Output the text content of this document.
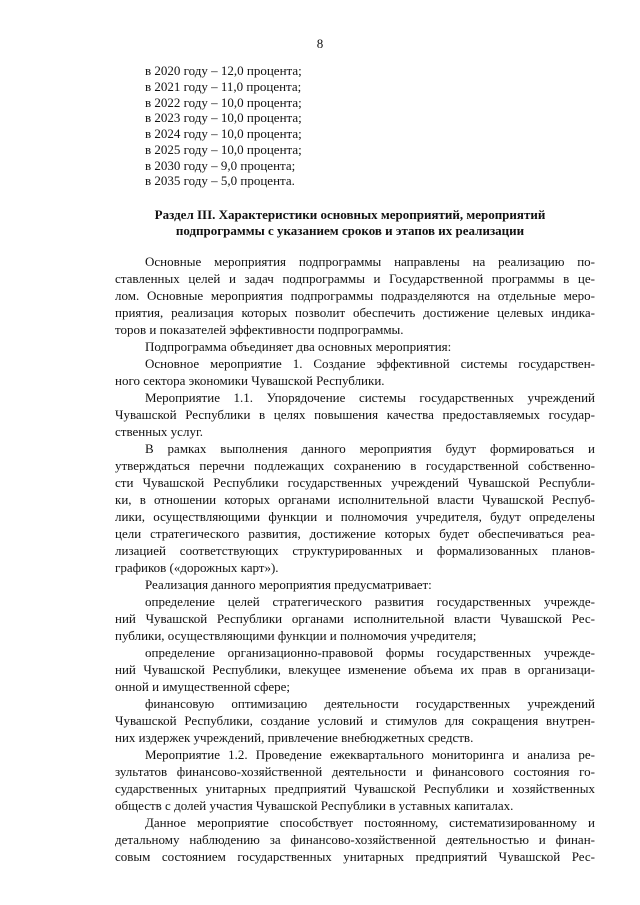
8
в 2020 году – 12,0 процента;
в 2021 году – 11,0 процента;
в 2022 году – 10,0 процента;
в 2023 году – 10,0 процента;
в 2024 году – 10,0 процента;
в 2025 году – 10,0 процента;
в 2030 году – 9,0 процента;
в 2035 году – 5,0 процента.
Раздел III. Характеристики основных мероприятий, мероприятий
подпрограммы с указанием сроков и этапов их реализации
Основные мероприятия подпрограммы направлены на реализацию по-
ставленных целей и задач подпрограммы и Государственной программы в це-
лом. Основные мероприятия подпрограммы подразделяются на отдельные меро-
приятия, реализация которых позволит обеспечить достижение целевых индика-
торов и показателей эффективности подпрограммы.
Подпрограмма объединяет два основных мероприятия:
Основное мероприятие 1. Создание эффективной системы государствен-
ного сектора экономики Чувашской Республики.
Мероприятие 1.1. Упорядочение системы государственных учреждений
Чувашской Республики в целях повышения качества предоставляемых государ-
ственных услуг.
В рамках выполнения данного мероприятия будут формироваться и
утверждаться перечни подлежащих сохранению в государственной собственно-
сти Чувашской Республики государственных учреждений Чувашской Республи-
ки, в отношении которых органами исполнительной власти Чувашской Респуб-
лики, осуществляющими функции и полномочия учредителя, будут определены
цели стратегического развития, достижение которых будет обеспечиваться реа-
лизацией соответствующих структурированных и формализованных планов-
графиков («дорожных карт»).
Реализация данного мероприятия предусматривает:
определение целей стратегического развития государственных учрежде-
ний Чувашской Республики органами исполнительной власти Чувашской Рес-
публики, осуществляющими функции и полномочия учредителя;
определение организационно-правовой формы государственных учрежде-
ний Чувашской Республики, влекущее изменение объема их прав в организаци-
онной и имущественной сфере;
финансовую оптимизацию деятельности государственных учреждений
Чувашской Республики, создание условий и стимулов для сокращения внутрен-
них издержек учреждений, привлечение внебюджетных средств.
Мероприятие 1.2. Проведение ежеквартального мониторинга и анализа ре-
зультатов финансово-хозяйственной деятельности и финансового состояния го-
сударственных унитарных предприятий Чувашской Республики и хозяйственных
обществ с долей участия Чувашской Республики в уставных капиталах.
Данное мероприятие способствует постоянному, систематизированному и
детальному наблюдению за финансово-хозяйственной деятельностью и финан-
совым состоянием государственных унитарных предприятий Чувашской Рес-
